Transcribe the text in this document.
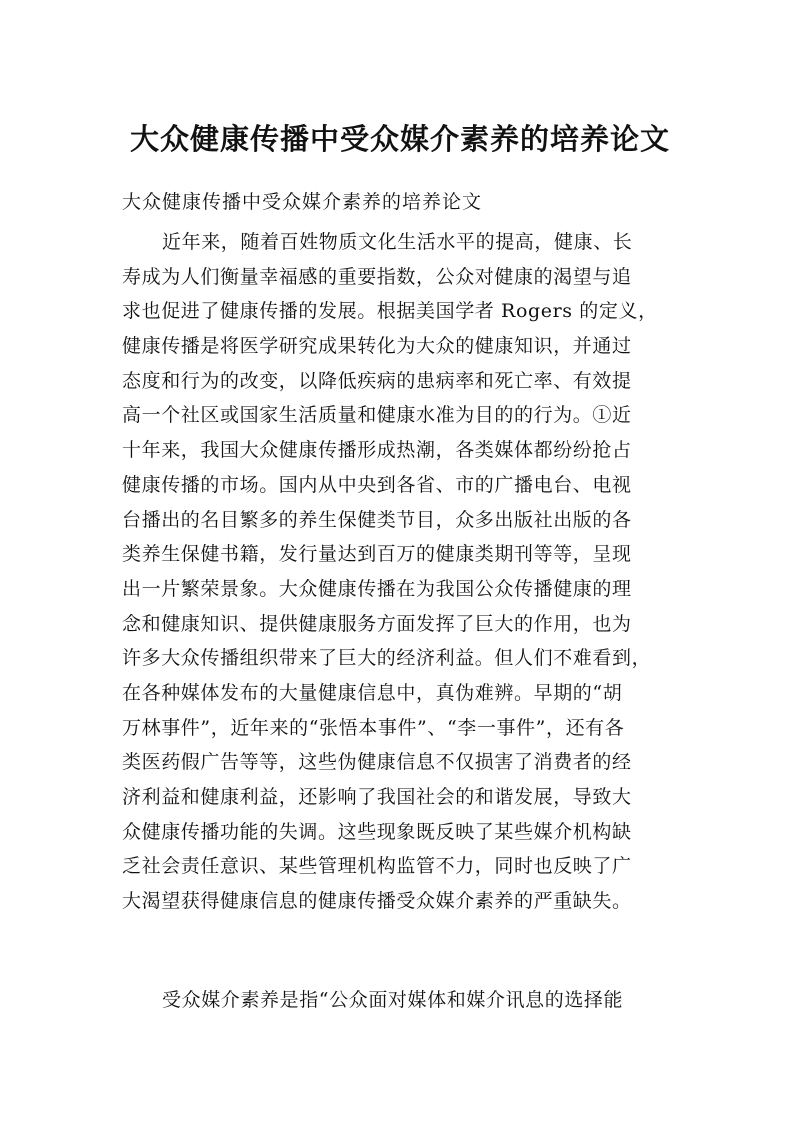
大众健康传播中受众媒介素养的培养论文
大众健康传播中受众媒介素养的培养论文
近年来，随着百姓物质文化生活水平的提高，健康、长
寿成为人们衡量幸福感的重要指数，公众对健康的渴望与追
求也促进了健康传播的发展。根据美国学者 Rogers 的定义，
健康传播是将医学研究成果转化为大众的健康知识，并通过
态度和行为的改变，以降低疾病的患病率和死亡率、有效提
高一个社区或国家生活质量和健康水准为目的的行为。①近
十年来，我国大众健康传播形成热潮，各类媒体都纷纷抢占
健康传播的市场。国内从中央到各省、市的广播电台、电视
台播出的名目繁多的养生保健类节目，众多出版社出版的各
类养生保健书籍，发行量达到百万的健康类期刊等等，呈现
出一片繁荣景象。大众健康传播在为我国公众传播健康的理
念和健康知识、提供健康服务方面发挥了巨大的作用，也为
许多大众传播组织带来了巨大的经济利益。但人们不难看到，
在各种媒体发布的大量健康信息中，真伪难辨。早期的“胡
万林事件”，近年来的“张悟本事件”、“李一事件”，还有各
类医药假广告等等，这些伪健康信息不仅损害了消费者的经
济利益和健康利益，还影响了我国社会的和谐发展，导致大
众健康传播功能的失调。这些现象既反映了某些媒介机构缺
乏社会责任意识、某些管理机构监管不力，同时也反映了广
大渴望获得健康信息的健康传播受众媒介素养的严重缺失。
受众媒介素养是指“公众面对媒体和媒介讯息的选择能
